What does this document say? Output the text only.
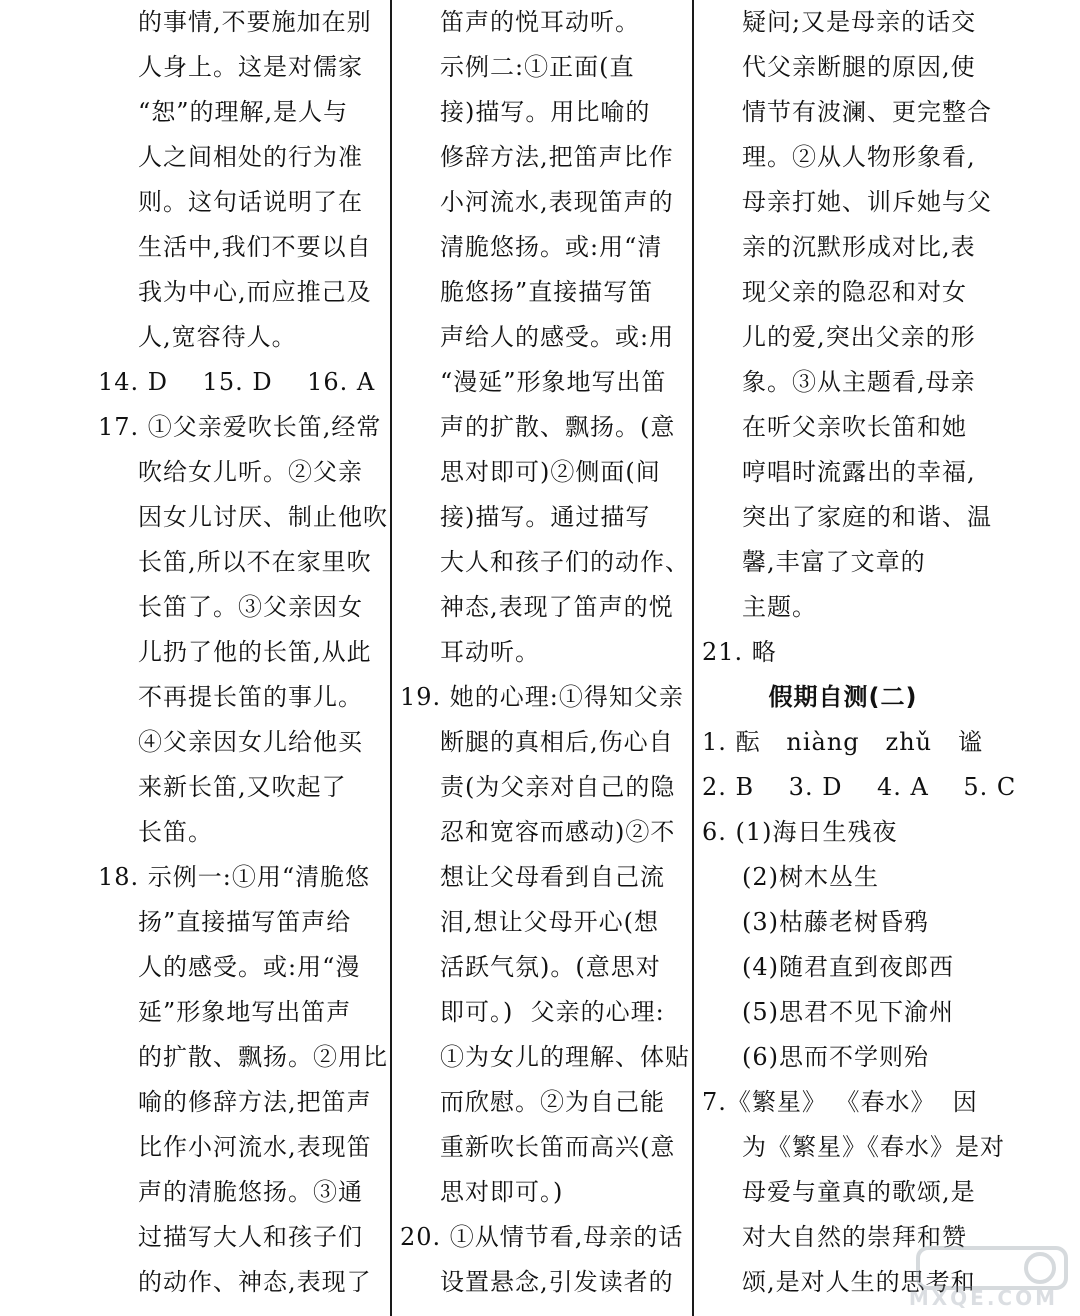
的事情,不要施加在别
人身上。这是对儒家
“恕”的理解,是人与
人之间相处的行为准
则。这句话说明了在
生活中,我们不要以自
我为中心,而应推己及
人,宽容待人。
14. D    15. D    16. A
17. ①父亲爱吹长笛,经常
吹给女儿听。②父亲
因女儿讨厌、制止他吹
长笛,所以不在家里吹
长笛了。③父亲因女
儿扔了他的长笛,从此
不再提长笛的事儿。
④父亲因女儿给他买
来新长笛,又吹起了
长笛。
18. 示例一:①用“清脆悠
扬”直接描写笛声给
人的感受。或:用“漫
延”形象地写出笛声
的扩散、飘扬。②用比
喻的修辞方法,把笛声
比作小河流水,表现笛
声的清脆悠扬。③通
过描写大人和孩子们
的动作、神态,表现了
笛声的悦耳动听。
示例二:①正面(直
接)描写。用比喻的
修辞方法,把笛声比作
小河流水,表现笛声的
清脆悠扬。或:用“清
脆悠扬”直接描写笛
声给人的感受。或:用
“漫延”形象地写出笛
声的扩散、飘扬。(意
思对即可)②侧面(间
接)描写。通过描写
大人和孩子们的动作、
神态,表现了笛声的悦
耳动听。
19. 她的心理:①得知父亲
断腿的真相后,伤心自
责(为父亲对自己的隐
忍和宽容而感动)②不
想让父母看到自己流
泪,想让父母开心(想
活跃气氛)。(意思对
即可。)  父亲的心理:
①为女儿的理解、体贴
而欣慰。②为自己能
重新吹长笛而高兴(意
思对即可。)
20. ①从情节看,母亲的话
设置悬念,引发读者的
疑问;又是母亲的话交
代父亲断腿的原因,使
情节有波澜、更完整合
理。②从人物形象看,
母亲打她、训斥她与父
亲的沉默形成对比,表
现父亲的隐忍和对女
儿的爱,突出父亲的形
象。③从主题看,母亲
在听父亲吹长笛和她
哼唱时流露出的幸福,
突出了家庭的和谐、温
馨,丰富了文章的
主题。
21. 略
假期自测(二)
1. 酝   niàng   zhǔ   谧
2. B    3. D    4. A    5. C
6. (1)海日生残夜
(2)树木丛生
(3)枯藤老树昏鸦
(4)随君直到夜郎西
(5)思君不见下渝州
(6)思而不学则殆
7.《繁星》 《春水》  因
为《繁星》《春水》是对
母爱与童真的歌颂,是
对大自然的崇拜和赞
颂,是对人生的思考和
MXQE.COM
